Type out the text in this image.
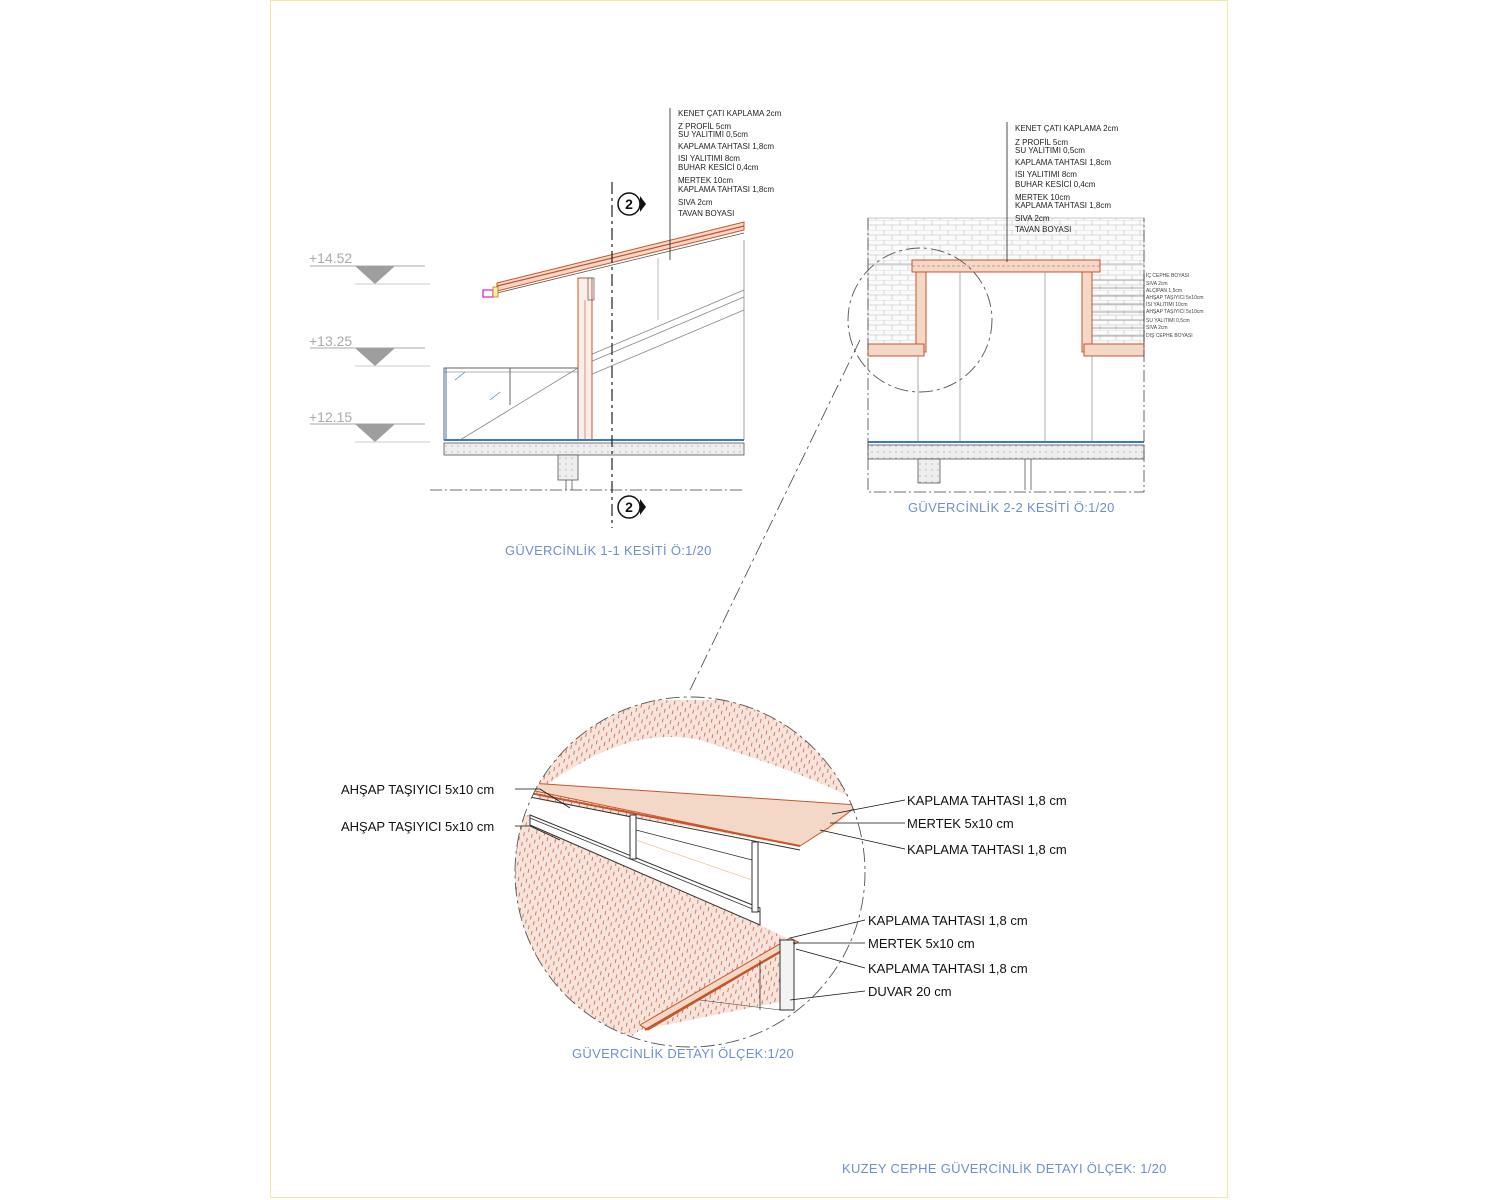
2
2
+14.52
+13.25
+12.15
KENET ÇATI KAPLAMA 2cm
Z PROFİL 5cm
SU YALITIMI 0,5cm
KAPLAMA TAHTASI 1,8cm
ISI YALITIMI 8cm
BUHAR KESİCİ 0,4cm
MERTEK 10cm
KAPLAMA TAHTASI 1,8cm
SIVA 2cm
TAVAN BOYASI
GÜVERCİNLİK 1-1 KESİTİ Ö:1/20
KENET ÇATI KAPLAMA 2cm
Z PROFİL 5cm
SU YALITIMI 0,5cm
KAPLAMA TAHTASI 1,8cm
ISI YALITIMI 8cm
BUHAR KESİCİ 0,4cm
MERTEK 10cm
KAPLAMA TAHTASI 1,8cm
SIVA 2cm
TAVAN BOYASI
İÇ CEPHE BOYASI
SIVA 2cm
ALÇIPAN 1,5cm
AHŞAP TAŞIYICI 5x10cm
ISI YALITIMI 10cm
AHŞAP TAŞIYICI 5x10cm
SU YALITIMI 0,5cm
SIVA 2cm
DIŞ CEPHE BOYASI
GÜVERCİNLİK 2-2 KESİTİ Ö:1/20
AHŞAP TAŞIYICI 5x10 cm
AHŞAP TAŞIYICI 5x10 cm
KAPLAMA TAHTASI 1,8 cm
MERTEK 5x10 cm
KAPLAMA TAHTASI 1,8 cm
KAPLAMA TAHTASI 1,8 cm
MERTEK 5x10 cm
KAPLAMA TAHTASI 1,8 cm
DUVAR 20 cm
GÜVERCİNLİK DETAYI ÖLÇEK:1/20
KUZEY CEPHE GÜVERCİNLİK DETAYI ÖLÇEK: 1/20
